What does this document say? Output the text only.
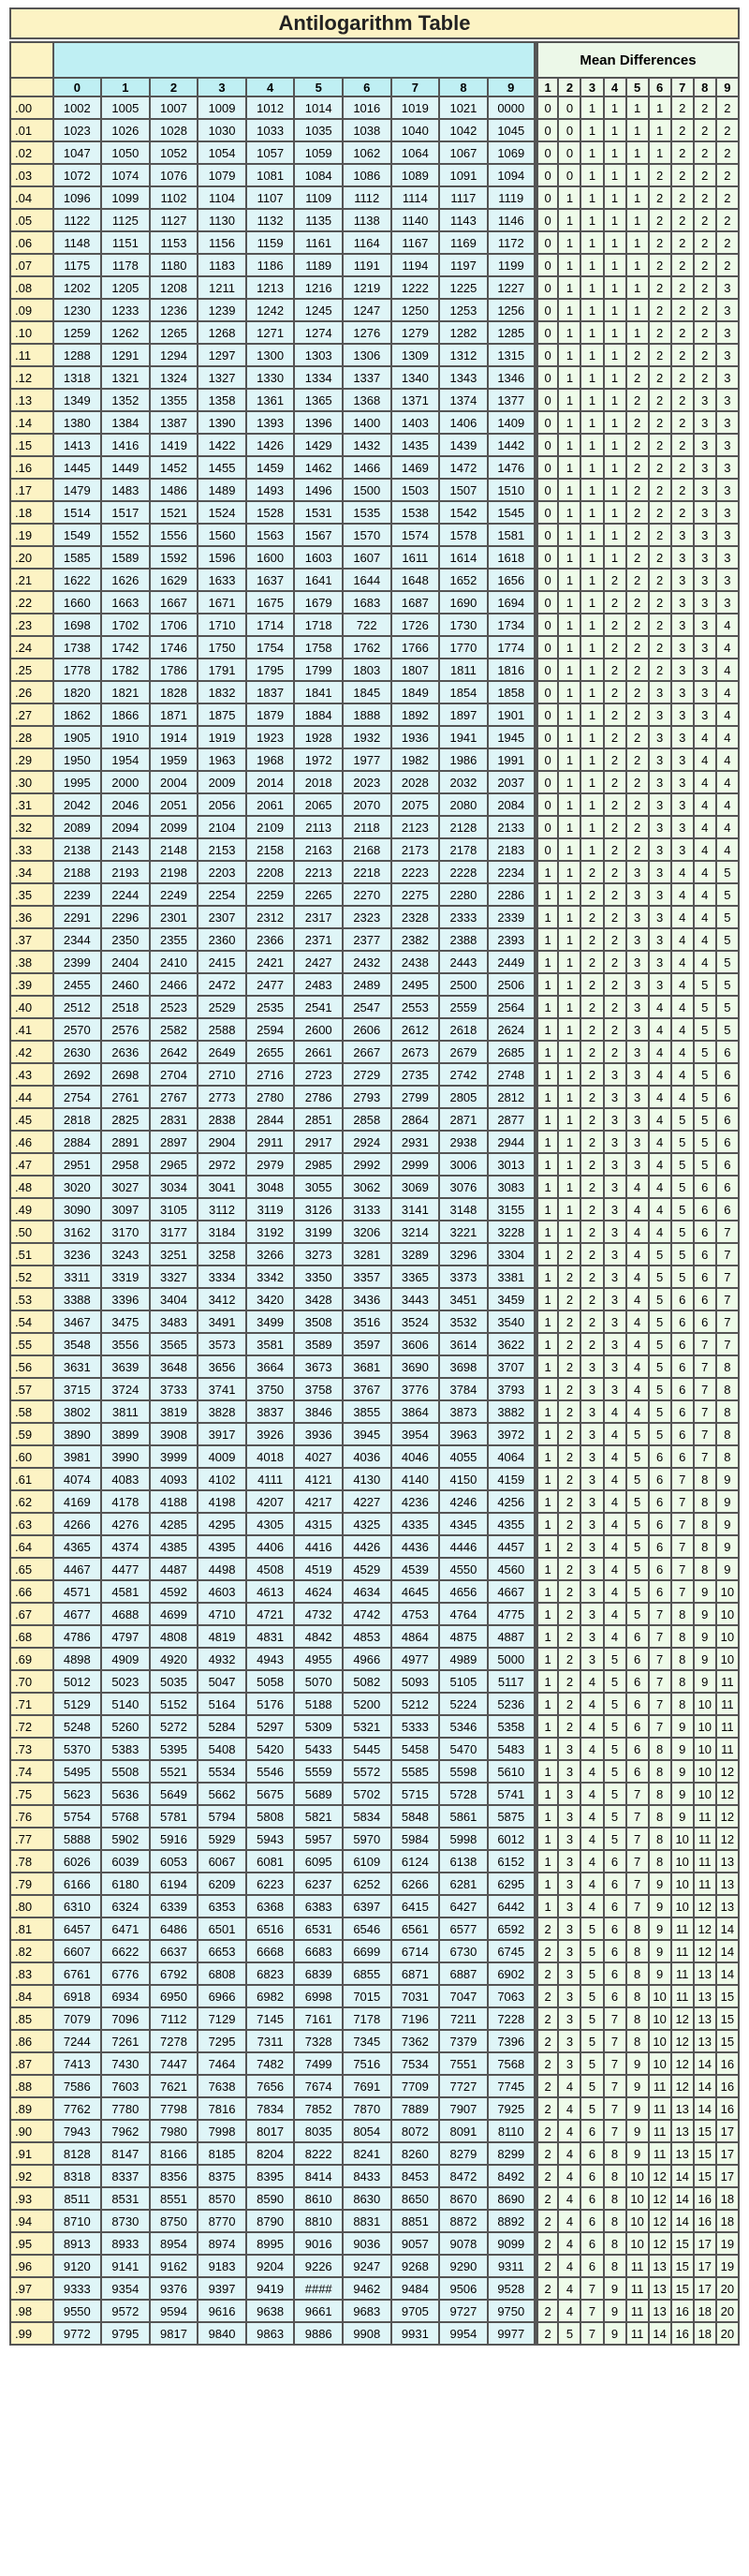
Antilogarithm Table
											Mean Differences								
	0	1	2	3	4	5	6	7	8	9	1	2	3	4	5	6	7	8	9
.00	1002	1005	1007	1009	1012	1014	1016	1019	1021	0000	0	0	1	1	1	1	2	2	2
.01	1023	1026	1028	1030	1033	1035	1038	1040	1042	1045	0	0	1	1	1	1	2	2	2
.02	1047	1050	1052	1054	1057	1059	1062	1064	1067	1069	0	0	1	1	1	1	2	2	2
.03	1072	1074	1076	1079	1081	1084	1086	1089	1091	1094	0	0	1	1	1	2	2	2	2
.04	1096	1099	1102	1104	1107	1109	1112	1114	1117	1119	0	1	1	1	1	2	2	2	2
.05	1122	1125	1127	1130	1132	1135	1138	1140	1143	1146	0	1	1	1	1	2	2	2	2
.06	1148	1151	1153	1156	1159	1161	1164	1167	1169	1172	0	1	1	1	1	2	2	2	2
.07	1175	1178	1180	1183	1186	1189	1191	1194	1197	1199	0	1	1	1	1	2	2	2	2
.08	1202	1205	1208	1211	1213	1216	1219	1222	1225	1227	0	1	1	1	1	2	2	2	3
.09	1230	1233	1236	1239	1242	1245	1247	1250	1253	1256	0	1	1	1	1	2	2	2	3
.10	1259	1262	1265	1268	1271	1274	1276	1279	1282	1285	0	1	1	1	1	2	2	2	3
.11	1288	1291	1294	1297	1300	1303	1306	1309	1312	1315	0	1	1	1	2	2	2	2	3
.12	1318	1321	1324	1327	1330	1334	1337	1340	1343	1346	0	1	1	1	2	2	2	2	3
.13	1349	1352	1355	1358	1361	1365	1368	1371	1374	1377	0	1	1	1	2	2	2	3	3
.14	1380	1384	1387	1390	1393	1396	1400	1403	1406	1409	0	1	1	1	2	2	2	3	3
.15	1413	1416	1419	1422	1426	1429	1432	1435	1439	1442	0	1	1	1	2	2	2	3	3
.16	1445	1449	1452	1455	1459	1462	1466	1469	1472	1476	0	1	1	1	2	2	2	3	3
.17	1479	1483	1486	1489	1493	1496	1500	1503	1507	1510	0	1	1	1	2	2	2	3	3
.18	1514	1517	1521	1524	1528	1531	1535	1538	1542	1545	0	1	1	1	2	2	2	3	3
.19	1549	1552	1556	1560	1563	1567	1570	1574	1578	1581	0	1	1	1	2	2	3	3	3
.20	1585	1589	1592	1596	1600	1603	1607	1611	1614	1618	0	1	1	1	2	2	3	3	3
.21	1622	1626	1629	1633	1637	1641	1644	1648	1652	1656	0	1	1	2	2	2	3	3	3
.22	1660	1663	1667	1671	1675	1679	1683	1687	1690	1694	0	1	1	2	2	2	3	3	3
.23	1698	1702	1706	1710	1714	1718	722	1726	1730	1734	0	1	1	2	2	2	3	3	4
.24	1738	1742	1746	1750	1754	1758	1762	1766	1770	1774	0	1	1	2	2	2	3	3	4
.25	1778	1782	1786	1791	1795	1799	1803	1807	1811	1816	0	1	1	2	2	2	3	3	4
.26	1820	1821	1828	1832	1837	1841	1845	1849	1854	1858	0	1	1	2	2	3	3	3	4
.27	1862	1866	1871	1875	1879	1884	1888	1892	1897	1901	0	1	1	2	2	3	3	3	4
.28	1905	1910	1914	1919	1923	1928	1932	1936	1941	1945	0	1	1	2	2	3	3	4	4
.29	1950	1954	1959	1963	1968	1972	1977	1982	1986	1991	0	1	1	2	2	3	3	4	4
.30	1995	2000	2004	2009	2014	2018	2023	2028	2032	2037	0	1	1	2	2	3	3	4	4
.31	2042	2046	2051	2056	2061	2065	2070	2075	2080	2084	0	1	1	2	2	3	3	4	4
.32	2089	2094	2099	2104	2109	2113	2118	2123	2128	2133	0	1	1	2	2	3	3	4	4
.33	2138	2143	2148	2153	2158	2163	2168	2173	2178	2183	0	1	1	2	2	3	3	4	4
.34	2188	2193	2198	2203	2208	2213	2218	2223	2228	2234	1	1	2	2	3	3	4	4	5
.35	2239	2244	2249	2254	2259	2265	2270	2275	2280	2286	1	1	2	2	3	3	4	4	5
.36	2291	2296	2301	2307	2312	2317	2323	2328	2333	2339	1	1	2	2	3	3	4	4	5
.37	2344	2350	2355	2360	2366	2371	2377	2382	2388	2393	1	1	2	2	3	3	4	4	5
.38	2399	2404	2410	2415	2421	2427	2432	2438	2443	2449	1	1	2	2	3	3	4	4	5
.39	2455	2460	2466	2472	2477	2483	2489	2495	2500	2506	1	1	2	2	3	3	4	5	5
.40	2512	2518	2523	2529	2535	2541	2547	2553	2559	2564	1	1	2	2	3	4	4	5	5
.41	2570	2576	2582	2588	2594	2600	2606	2612	2618	2624	1	1	2	2	3	4	4	5	5
.42	2630	2636	2642	2649	2655	2661	2667	2673	2679	2685	1	1	2	2	3	4	4	5	6
.43	2692	2698	2704	2710	2716	2723	2729	2735	2742	2748	1	1	2	3	3	4	4	5	6
.44	2754	2761	2767	2773	2780	2786	2793	2799	2805	2812	1	1	2	3	3	4	4	5	6
.45	2818	2825	2831	2838	2844	2851	2858	2864	2871	2877	1	1	2	3	3	4	5	5	6
.46	2884	2891	2897	2904	2911	2917	2924	2931	2938	2944	1	1	2	3	3	4	5	5	6
.47	2951	2958	2965	2972	2979	2985	2992	2999	3006	3013	1	1	2	3	3	4	5	5	6
.48	3020	3027	3034	3041	3048	3055	3062	3069	3076	3083	1	1	2	3	4	4	5	6	6
.49	3090	3097	3105	3112	3119	3126	3133	3141	3148	3155	1	1	2	3	4	4	5	6	6
.50	3162	3170	3177	3184	3192	3199	3206	3214	3221	3228	1	1	2	3	4	4	5	6	7
.51	3236	3243	3251	3258	3266	3273	3281	3289	3296	3304	1	2	2	3	4	5	5	6	7
.52	3311	3319	3327	3334	3342	3350	3357	3365	3373	3381	1	2	2	3	4	5	5	6	7
.53	3388	3396	3404	3412	3420	3428	3436	3443	3451	3459	1	2	2	3	4	5	6	6	7
.54	3467	3475	3483	3491	3499	3508	3516	3524	3532	3540	1	2	2	3	4	5	6	6	7
.55	3548	3556	3565	3573	3581	3589	3597	3606	3614	3622	1	2	2	3	4	5	6	7	7
.56	3631	3639	3648	3656	3664	3673	3681	3690	3698	3707	1	2	3	3	4	5	6	7	8
.57	3715	3724	3733	3741	3750	3758	3767	3776	3784	3793	1	2	3	3	4	5	6	7	8
.58	3802	3811	3819	3828	3837	3846	3855	3864	3873	3882	1	2	3	4	4	5	6	7	8
.59	3890	3899	3908	3917	3926	3936	3945	3954	3963	3972	1	2	3	4	5	5	6	7	8
.60	3981	3990	3999	4009	4018	4027	4036	4046	4055	4064	1	2	3	4	5	6	6	7	8
.61	4074	4083	4093	4102	4111	4121	4130	4140	4150	4159	1	2	3	4	5	6	7	8	9
.62	4169	4178	4188	4198	4207	4217	4227	4236	4246	4256	1	2	3	4	5	6	7	8	9
.63	4266	4276	4285	4295	4305	4315	4325	4335	4345	4355	1	2	3	4	5	6	7	8	9
.64	4365	4374	4385	4395	4406	4416	4426	4436	4446	4457	1	2	3	4	5	6	7	8	9
.65	4467	4477	4487	4498	4508	4519	4529	4539	4550	4560	1	2	3	4	5	6	7	8	9
.66	4571	4581	4592	4603	4613	4624	4634	4645	4656	4667	1	2	3	4	5	6	7	9	10
.67	4677	4688	4699	4710	4721	4732	4742	4753	4764	4775	1	2	3	4	5	7	8	9	10
.68	4786	4797	4808	4819	4831	4842	4853	4864	4875	4887	1	2	3	4	6	7	8	9	10
.69	4898	4909	4920	4932	4943	4955	4966	4977	4989	5000	1	2	3	5	6	7	8	9	10
.70	5012	5023	5035	5047	5058	5070	5082	5093	5105	5117	1	2	4	5	6	7	8	9	11
.71	5129	5140	5152	5164	5176	5188	5200	5212	5224	5236	1	2	4	5	6	7	8	10	11
.72	5248	5260	5272	5284	5297	5309	5321	5333	5346	5358	1	2	4	5	6	7	9	10	11
.73	5370	5383	5395	5408	5420	5433	5445	5458	5470	5483	1	3	4	5	6	8	9	10	11
.74	5495	5508	5521	5534	5546	5559	5572	5585	5598	5610	1	3	4	5	6	8	9	10	12
.75	5623	5636	5649	5662	5675	5689	5702	5715	5728	5741	1	3	4	5	7	8	9	10	12
.76	5754	5768	5781	5794	5808	5821	5834	5848	5861	5875	1	3	4	5	7	8	9	11	12
.77	5888	5902	5916	5929	5943	5957	5970	5984	5998	6012	1	3	4	5	7	8	10	11	12
.78	6026	6039	6053	6067	6081	6095	6109	6124	6138	6152	1	3	4	6	7	8	10	11	13
.79	6166	6180	6194	6209	6223	6237	6252	6266	6281	6295	1	3	4	6	7	9	10	11	13
.80	6310	6324	6339	6353	6368	6383	6397	6415	6427	6442	1	3	4	6	7	9	10	12	13
.81	6457	6471	6486	6501	6516	6531	6546	6561	6577	6592	2	3	5	6	8	9	11	12	14
.82	6607	6622	6637	6653	6668	6683	6699	6714	6730	6745	2	3	5	6	8	9	11	12	14
.83	6761	6776	6792	6808	6823	6839	6855	6871	6887	6902	2	3	5	6	8	9	11	13	14
.84	6918	6934	6950	6966	6982	6998	7015	7031	7047	7063	2	3	5	6	8	10	11	13	15
.85	7079	7096	7112	7129	7145	7161	7178	7196	7211	7228	2	3	5	7	8	10	12	13	15
.86	7244	7261	7278	7295	7311	7328	7345	7362	7379	7396	2	3	5	7	8	10	12	13	15
.87	7413	7430	7447	7464	7482	7499	7516	7534	7551	7568	2	3	5	7	9	10	12	14	16
.88	7586	7603	7621	7638	7656	7674	7691	7709	7727	7745	2	4	5	7	9	11	12	14	16
.89	7762	7780	7798	7816	7834	7852	7870	7889	7907	7925	2	4	5	7	9	11	13	14	16
.90	7943	7962	7980	7998	8017	8035	8054	8072	8091	8110	2	4	6	7	9	11	13	15	17
.91	8128	8147	8166	8185	8204	8222	8241	8260	8279	8299	2	4	6	8	9	11	13	15	17
.92	8318	8337	8356	8375	8395	8414	8433	8453	8472	8492	2	4	6	8	10	12	14	15	17
.93	8511	8531	8551	8570	8590	8610	8630	8650	8670	8690	2	4	6	8	10	12	14	16	18
.94	8710	8730	8750	8770	8790	8810	8831	8851	8872	8892	2	4	6	8	10	12	14	16	18
.95	8913	8933	8954	8974	8995	9016	9036	9057	9078	9099	2	4	6	8	10	12	15	17	19
.96	9120	9141	9162	9183	9204	9226	9247	9268	9290	9311	2	4	6	8	11	13	15	17	19
.97	9333	9354	9376	9397	9419	####	9462	9484	9506	9528	2	4	7	9	11	13	15	17	20
.98	9550	9572	9594	9616	9638	9661	9683	9705	9727	9750	2	4	7	9	11	13	16	18	20
.99	9772	9795	9817	9840	9863	9886	9908	9931	9954	9977	2	5	7	9	11	14	16	18	20
